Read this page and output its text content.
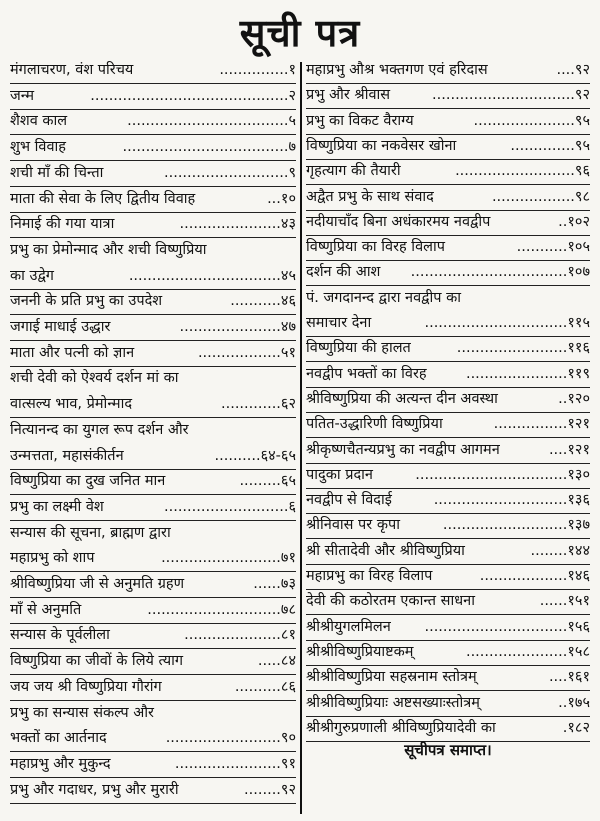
सूची पत्र
मंगलाचरण, वंश परिचय	...............१
जन्म	...........................................२
शैशव काल	...................................५
शुभ विवाह	....................................७
शची माँ की चिन्ता	...........................९
माता की सेवा के लिए द्वितीय विवाह	...१०
निमाई की गया यात्रा	......................४३
प्रभु का प्रेमोन्माद और शची विष्णुप्रिया
का उद्वेग	.................................४५
जननी के प्रति प्रभु का उपदेश	...........४६
जगाई माधाई उद्धार	......................४७
माता और पत्नी को ज्ञान	..................५१
शची देवी को ऐश्वर्य दर्शन मां का
वात्सल्य भाव, प्रेमोन्माद	.............६२
नित्यानन्द का युगल रूप दर्शन और
उन्मत्तता, महासंकीर्तन	..........६४-६५
विष्णुप्रिया का दुख जनित मान	.........६५
प्रभु का लक्ष्मी वेश	...........................६
सन्यास की सूचना, ब्राह्मण द्वारा
महाप्रभु को शाप	..........................७१
श्रीविष्णुप्रिया जी से अनुमति ग्रहण	......७३
माँ से अनुमति	.............................७८
सन्यास के पूर्वलीला	.....................८१
विष्णुप्रिया का जीवों के लिये त्याग	.....८४
जय जय श्री विष्णुप्रिया गौरांग	..........८६
प्रभु का सन्यास संकल्प और
भक्तों का आर्तनाद	.........................९०
महाप्रभु और मुकुन्द	.......................९१
प्रभु और गदाधर, प्रभु और मुरारी	........९२
महाप्रभु औश्र भक्तगण एवं हरिदास	....९२
प्रभु और श्रीवास	...............................९२
प्रभु का विकट वैराग्य	......................९५
विष्णुप्रिया का नकवेसर खोना	..............९५
गृहत्याग की तैयारी	..........................९६
अद्वैत प्रभु के साथ संवाद	..................९८
नदीयाचाँद बिना अधंकारमय नवद्वीप	..१०२
विष्णुप्रिया का विरह विलाप	...........१०५
दर्शन की आश ..................................१०७
पं. जगदानन्द द्वारा नवद्वीप का
समाचार देना	...............................११५
विष्णुप्रिया की हालत	........................११६
नवद्वीप भक्तों का विरह	......................११९
श्रीविष्णुप्रिया की अत्यन्त दीन अवस्था	..१२०
पतित-उद्धारिणी विष्णुप्रिया	................१२१
श्रीकृष्णचैतन्यप्रभु का नवद्वीप आगमन	....१२१
पादुका प्रदान	.................................१३०
नवद्वीप से विदाई	.............................१३६
श्रीनिवास पर कृपा	...........................१३७
श्री सीतादेवी और श्रीविष्णुप्रिया	........१४४
महाप्रभु का विरह विलाप	...................१४६
देवी की कठोरतम एकान्त साधना	......१५१
श्रीश्रीयुगलमिलन ...............................१५६
श्रीश्रीविष्णुप्रियाष्टकम्	......................१५८
श्रीश्रीविष्णुप्रिया सहस्रनाम स्तोत्रम्	....१६१
श्रीश्रीविष्णुप्रियाः अष्टसख्याःस्तोत्रम्	..१७५
श्रीश्रीगुरुप्रणाली श्रीविष्णुप्रियादेवी का	.१८२
सूचीपत्र समाप्त।
